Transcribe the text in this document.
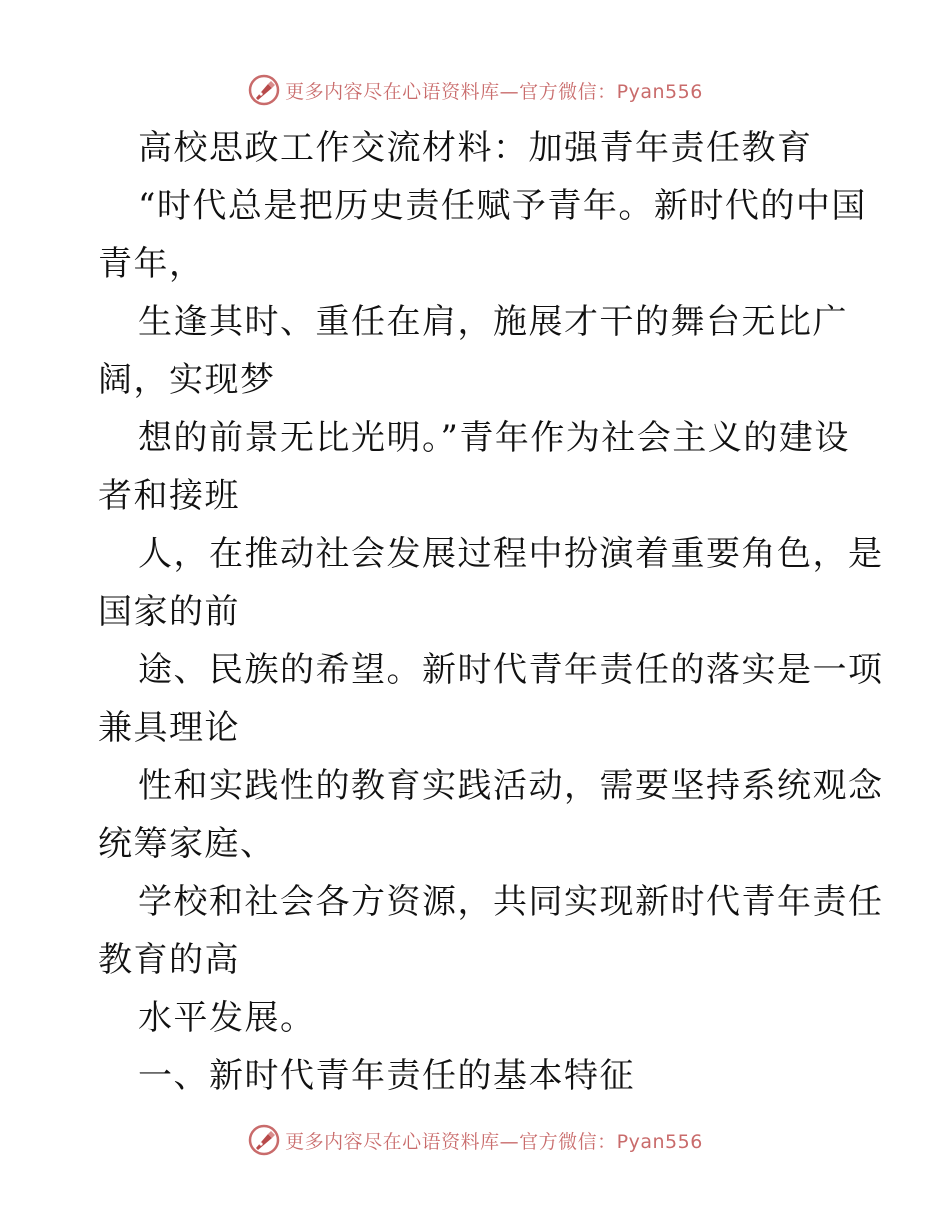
更多内容尽在心语资料库—官方微信：Pyan556
高校思政工作交流材料：加强青年责任教育
“时代总是把历史责任赋予青年。新时代的中国
青年，
生逢其时、重任在肩，施展才干的舞台无比广
阔，实现梦
想的前景无比光明。”青年作为社会主义的建设
者和接班
人，在推动社会发展过程中扮演着重要角色，是
国家的前
途、民族的希望。新时代青年责任的落实是一项
兼具理论
性和实践性的教育实践活动，需要坚持系统观念
统筹家庭、
学校和社会各方资源，共同实现新时代青年责任
教育的高
水平发展。
一、新时代青年责任的基本特征
更多内容尽在心语资料库—官方微信：Pyan556
